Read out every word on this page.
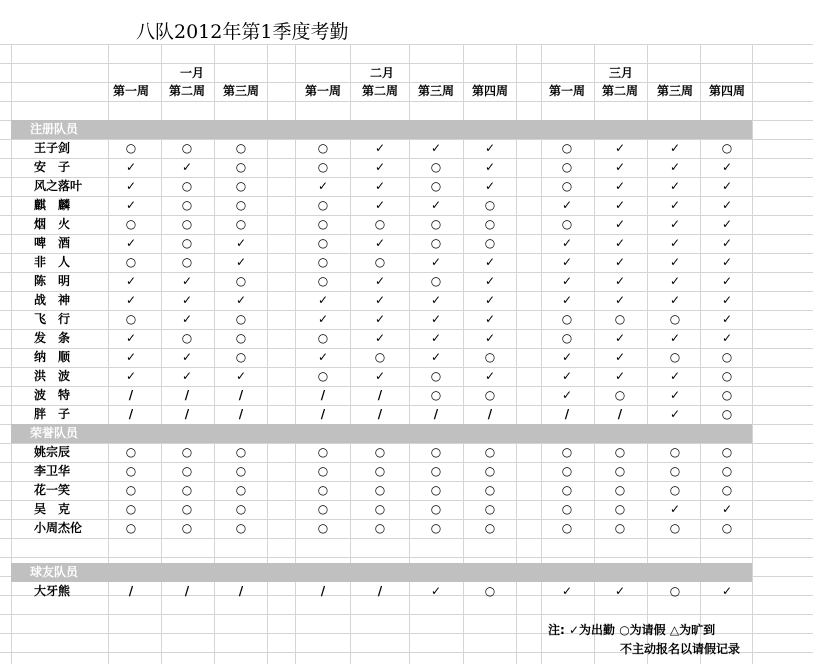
八队2012年第1季度考勤
一月	二月	三月
第一周	第二周	第三周	第一周	第二周	第三周	第四周	第一周	第二周	第三周	第四周
注册队员
王子剑	○	○	○	○	✓	✓	✓	○	✓	✓	○
安　子	✓	✓	○	○	✓	○	✓	○	✓	✓	✓
风之落叶	✓	○	○	✓	✓	○	✓	○	✓	✓	✓
麒　麟	✓	○	○	○	✓	✓	○	✓	✓	✓	✓
烟　火	○	○	○	○	○	○	○	○	✓	✓	✓
啤　酒	✓	○	✓	○	✓	○	○	✓	✓	✓	✓
非　人	○	○	✓	○	○	✓	✓	✓	✓	✓	✓
陈　明	✓	✓	○	○	✓	○	✓	✓	✓	✓	✓
战　神	✓	✓	✓	✓	✓	✓	✓	✓	✓	✓	✓
飞　行	○	✓	○	✓	✓	✓	✓	○	○	○	✓
发　条	✓	○	○	○	✓	✓	✓	○	✓	✓	✓
纳　顺	✓	✓	○	✓	○	✓	○	✓	✓	○	○
洪　波	✓	✓	✓	○	✓	○	✓	✓	✓	✓	○
波　特	/	/	/	/	/	○	○	✓	○	✓	○
胖　子	/	/	/	/	/	/	/	/	/	✓	○
荣誉队员
姚宗辰	○	○	○	○	○	○	○	○	○	○	○
李卫华	○	○	○	○	○	○	○	○	○	○	○
花一笑	○	○	○	○	○	○	○	○	○	○	○
吴　克	○	○	○	○	○	○	○	○	○	✓	✓
小周杰伦	○	○	○	○	○	○	○	○	○	○	○
球友队员
大牙熊	/	/	/	/	/	✓	○	✓	✓	○	✓
注: ✓为出勤 ○为请假 △为旷到
不主动报名以请假记录
